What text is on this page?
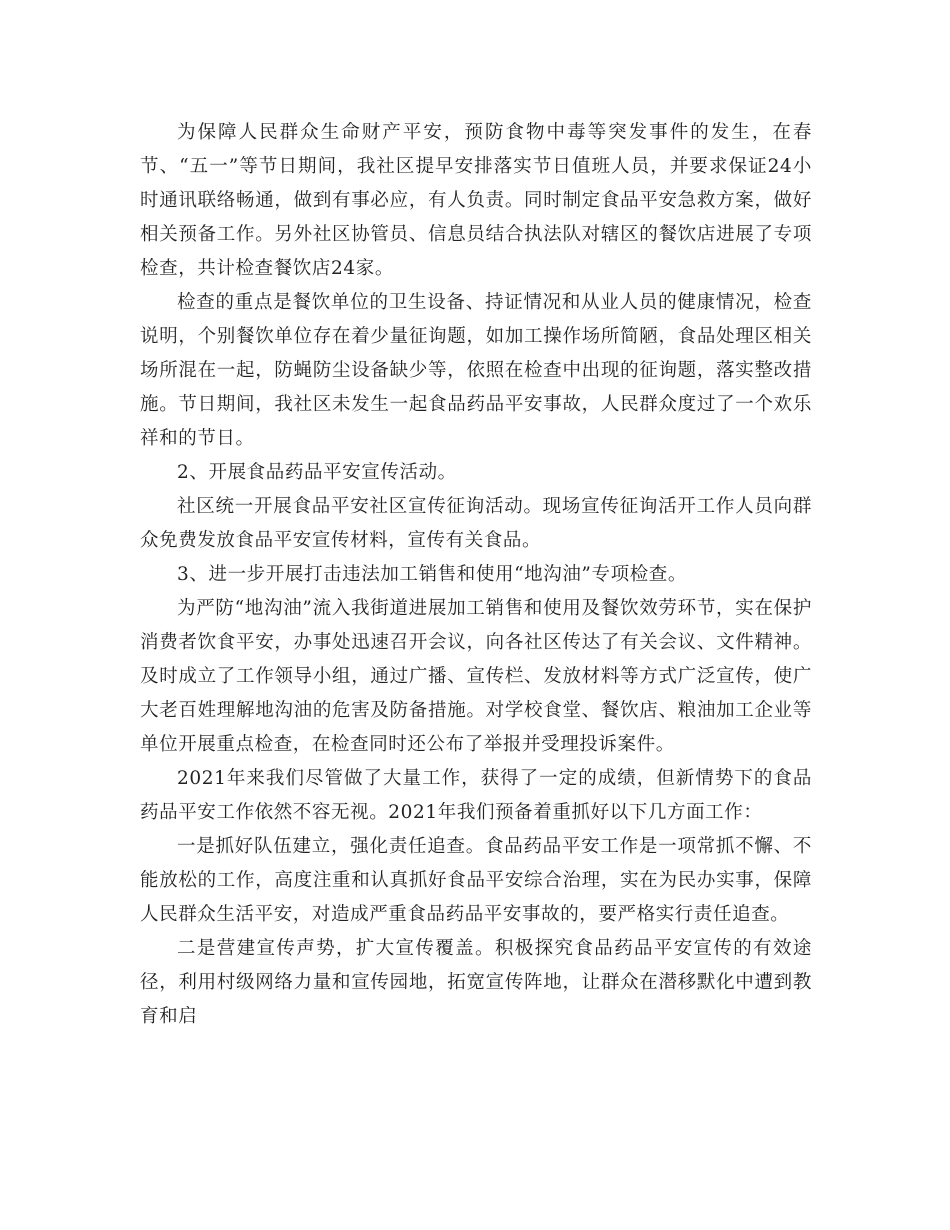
为保障人民群众生命财产平安，预防食物中毒等突发事件的发生，在春节、“五一”等节日期间，我社区提早安排落实节日值班人员，并要求保证24小时通讯联络畅通，做到有事必应，有人负责。同时制定食品平安急救方案，做好相关预备工作。另外社区协管员、信息员结合执法队对辖区的餐饮店进展了专项检查，共计检查餐饮店24家。

检查的重点是餐饮单位的卫生设备、持证情况和从业人员的健康情况，检查说明，个别餐饮单位存在着少量征询题，如加工操作场所简陋，食品处理区相关场所混在一起，防蝇防尘设备缺少等，依照在检查中出现的征询题，落实整改措施。节日期间，我社区未发生一起食品药品平安事故，人民群众度过了一个欢乐祥和的节日。

2、开展食品药品平安宣传活动。

社区统一开展食品平安社区宣传征询活动。现场宣传征询活开工作人员向群众免费发放食品平安宣传材料，宣传有关食品。

3、进一步开展打击违法加工销售和使用“地沟油”专项检查。

为严防“地沟油”流入我街道进展加工销售和使用及餐饮效劳环节，实在保护消费者饮食平安，办事处迅速召开会议，向各社区传达了有关会议、文件精神。及时成立了工作领导小组，通过广播、宣传栏、发放材料等方式广泛宣传，使广大老百姓理解地沟油的危害及防备措施。对学校食堂、餐饮店、粮油加工企业等单位开展重点检查，在检查同时还公布了举报并受理投诉案件。

2021年来我们尽管做了大量工作，获得了一定的成绩，但新情势下的食品药品平安工作依然不容无视。2021年我们预备着重抓好以下几方面工作：

一是抓好队伍建立，强化责任追查。食品药品平安工作是一项常抓不懈、不能放松的工作，高度注重和认真抓好食品平安综合治理，实在为民办实事，保障人民群众生活平安，对造成严重食品药品平安事故的，要严格实行责任追查。

二是营建宣传声势，扩大宣传覆盖。积极探究食品药品平安宣传的有效途径，利用村级网络力量和宣传园地，拓宽宣传阵地，让群众在潜移默化中遭到教育和启
